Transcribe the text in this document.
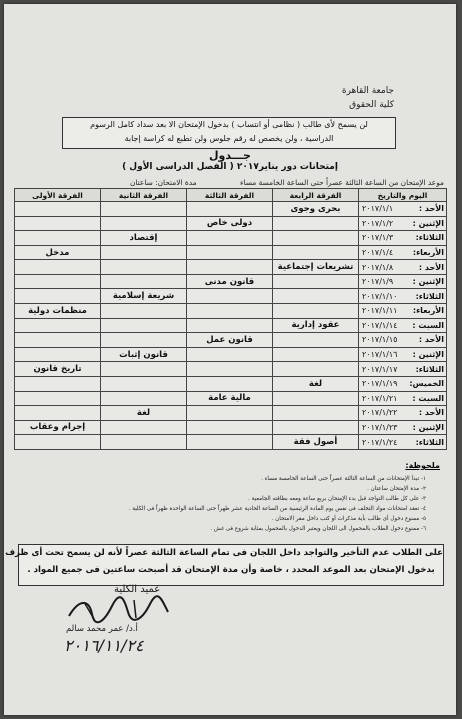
جامعة القاهرة
كلية الحقوق
لن يسمح لأى طالب ( نظامى أو انتساب ) بدخول الإمتحان الا بعد سداد كامل الرسوم
الدراسية ، ولن يخصص له رقم جلوس ولن تطبع له كراسة إجابة
جـــدول
إمتحانات دور يناير٢٠١٧ ( الفصل الدراسى الأول )
موعد الإمتحان من الساعة الثالثة عصراً حتى الساعة الخامسة مساء
مدة الامتحان: ساعتان
اليوم والتاريخ	الفرقة الرابعة	الفرقة الثالثة	الفرقة الثانية	الفرقة الأولى
الأحد :
٢٠١٧/١/١	بحرى وجوى			
الإثنين :
٢٠١٧/١/٢		دولى خاص		
الثلاثاء:
٢٠١٧/١/٣			إقتصاد	
الأربعاء:
٢٠١٧/١/٤				مدخل
الأحد :
٢٠١٧/١/٨	تشريعات إجتماعية			
الإثنين :
٢٠١٧/١/٩		قانون مدنى		
الثلاثاء:
٢٠١٧/١/١٠			شريعة إسلامية	
الأربعاء:
٢٠١٧/١/١١				منظمات دولية
السبت :
٢٠١٧/١/١٤	عقود إدارية			
الأحد :
٢٠١٧/١/١٥		قانون عمل		
الإثنين :
٢٠١٧/١/١٦			قانون إثبات	
الثلاثاء:
٢٠١٧/١/١٧				تاريخ قانون
الخميس:
٢٠١٧/١/١٩	لغة			
السبت :
٢٠١٧/١/٢١		مالية عامة		
الأحد :
٢٠١٧/١/٢٢			لغة	
الإثنين :
٢٠١٧/١/٢٣				إجرام وعقاب
الثلاثاء:
٢٠١٧/١/٢٤	أصول فقة			
ملحوظة:
١- تبدأ الإمتحانات من الساعة الثالثة عصراً حتى الساعة الخامسة مساء .
٢- مدة الإمتحان ساعتان .
٣- على كل طالب التواجد قبل بدء الإمتحان بربع ساعة ومعه بطاقته الجامعية .
٤- تعقد امتحانات مواد التخلف فى نفس يوم المادة الرئيسية من الساعة الحادية عشر ظهراً حتى الساعة الواحدة ظهراً فى الكلية .
٥- ممنوع دخول أى طالب بأية مذكرات أو كتب داخل مقر الامتحان .
٦- ممنوع دخول الطلاب بالمحمول الى اللجان ويعتبر الدخول بالمحمول بمثابة شروع فى غش .
على الطلاب عدم التأخير والتواجد داخل اللجان فى تمام الساعة الثالثة عصراً لأنه لن يسمح تحت أى ظرف
بدخول الإمتحان بعد الموعد المحدد ، خاصة وأن مدة الإمتحان قد أصبحت ساعتين فى جميع المواد .
عميد الكلية
أ.د/ عمر محمد سالم
٢٠١٦/١١/٢٤
